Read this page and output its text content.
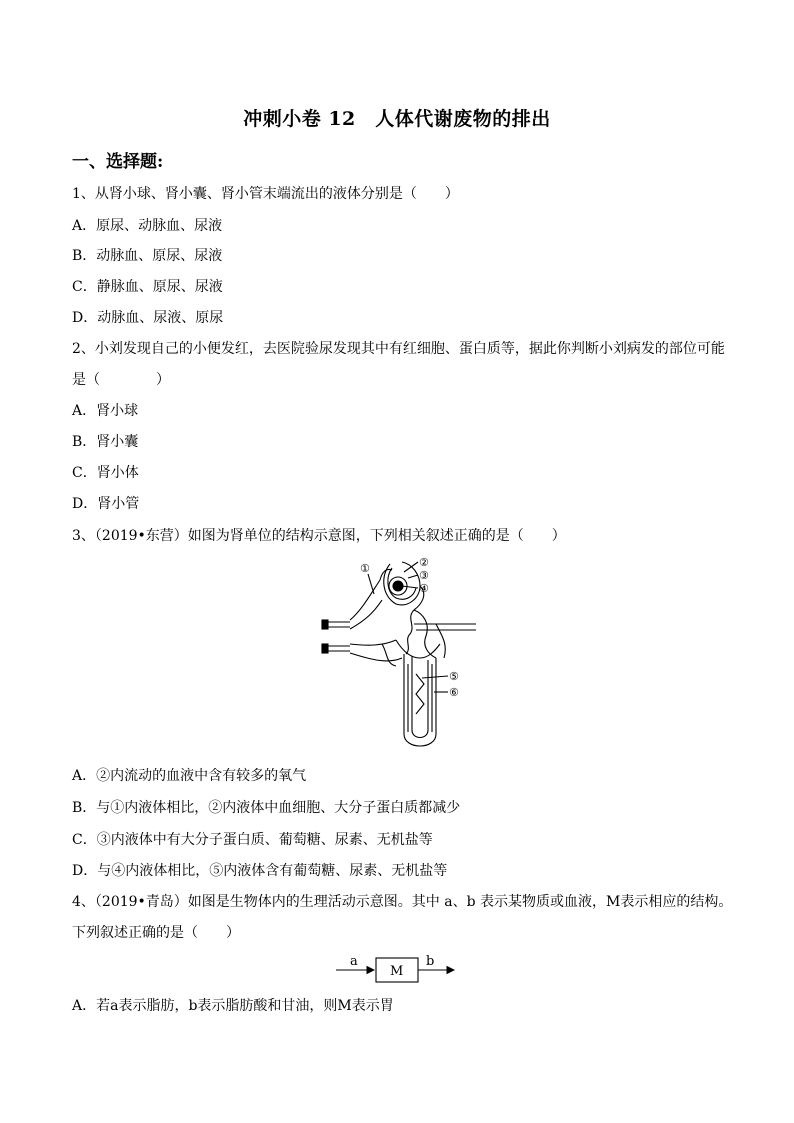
冲刺小卷 12　人体代谢废物的排出
一、选择题:
1、从肾小球、肾小囊、肾小管末端流出的液体分别是（　　）
A．原尿、动脉血、尿液
B．动脉血、原尿、尿液
C．静脉血、原尿、尿液
D．动脉血、尿液、原尿
2、小刘发现自己的小便发红，去医院验尿发现其中有红细胞、蛋白质等，据此你判断小刘病发的部位可能
是（　　　　）
A．肾小球
B．肾小囊
C．肾小体
D．肾小管
3、（2019•东营）如图为肾单位的结构示意图，下列相关叙述正确的是（　　）
①	②
③
④
⑤
⑥
A．②内流动的血液中含有较多的氧气
B．与①内液体相比，②内液体中血细胞、大分子蛋白质都减少
C．③内液体中有大分子蛋白质、葡萄糖、尿素、无机盐等
D．与④内液体相比，⑤内液体含有葡萄糖、尿素、无机盐等
4、（2019•青岛）如图是生物体内的生理活动示意图。其中 a、b 表示某物质或血液，M表示相应的结构。
下列叙述正确的是（　　）
a
M
b
A．若a表示脂肪，b表示脂肪酸和甘油，则M表示胃
